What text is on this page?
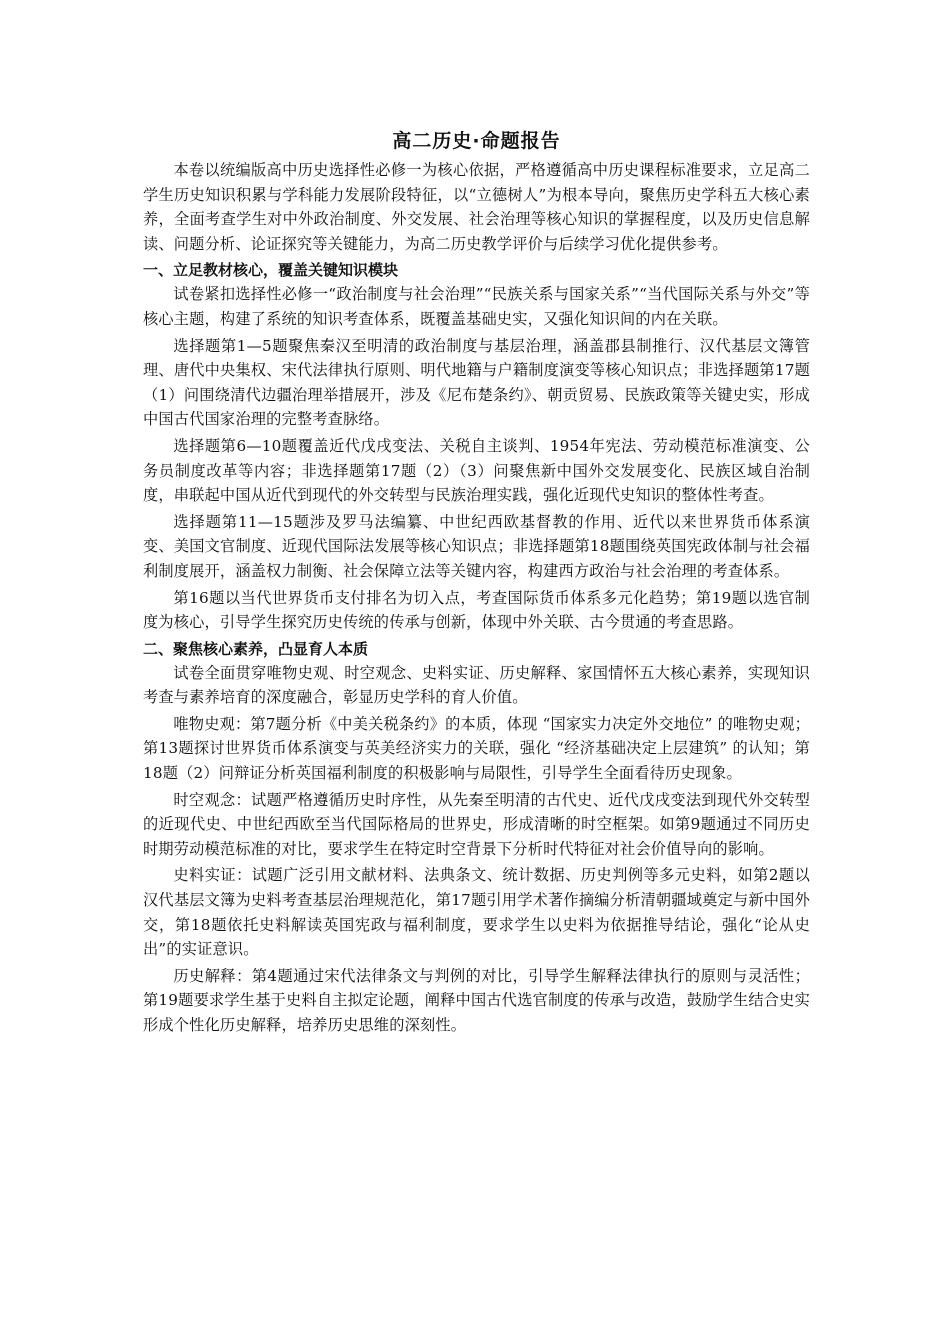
高二历史·命题报告

本卷以统编版高中历史选择性必修一为核心依据，严格遵循高中历史课程标准要求，立足高二学生历史知识积累与学科能力发展阶段特征，以“立德树人”为根本导向，聚焦历史学科五大核心素养，全面考查学生对中外政治制度、外交发展、社会治理等核心知识的掌握程度，以及历史信息解读、问题分析、论证探究等关键能力，为高二历史教学评价与后续学习优化提供参考。

一、立足教材核心，覆盖关键知识模块

试卷紧扣选择性必修一“政治制度与社会治理”“民族关系与国家关系”“当代国际关系与外交”等核心主题，构建了系统的知识考查体系，既覆盖基础史实，又强化知识间的内在关联。

选择题第1—5题聚焦秦汉至明清的政治制度与基层治理，涵盖郡县制推行、汉代基层文簿管理、唐代中央集权、宋代法律执行原则、明代地籍与户籍制度演变等核心知识点；非选择题第17题（1）问围绕清代边疆治理举措展开，涉及《尼布楚条约》、朝贡贸易、民族政策等关键史实，形成中国古代国家治理的完整考查脉络。

选择题第6—10题覆盖近代戊戌变法、关税自主谈判、1954年宪法、劳动模范标准演变、公务员制度改革等内容；非选择题第17题（2）（3）问聚焦新中国外交发展变化、民族区域自治制度，串联起中国从近代到现代的外交转型与民族治理实践，强化近现代史知识的整体性考查。

选择题第11—15题涉及罗马法编纂、中世纪西欧基督教的作用、近代以来世界货币体系演变、美国文官制度、近现代国际法发展等核心知识点；非选择题第18题围绕英国宪政体制与社会福利制度展开，涵盖权力制衡、社会保障立法等关键内容，构建西方政治与社会治理的考查体系。

第16题以当代世界货币支付排名为切入点，考查国际货币体系多元化趋势；第19题以选官制度为核心，引导学生探究历史传统的传承与创新，体现中外关联、古今贯通的考查思路。

二、聚焦核心素养，凸显育人本质

试卷全面贯穿唯物史观、时空观念、史料实证、历史解释、家国情怀五大核心素养，实现知识考查与素养培育的深度融合，彰显历史学科的育人价值。

唯物史观：第7题分析《中美关税条约》的本质，体现 “国家实力决定外交地位” 的唯物史观；第13题探讨世界货币体系演变与英美经济实力的关联，强化 “经济基础决定上层建筑” 的认知；第18题（2）问辩证分析英国福利制度的积极影响与局限性，引导学生全面看待历史现象。

时空观念：试题严格遵循历史时序性，从先秦至明清的古代史、近代戊戌变法到现代外交转型的近现代史、中世纪西欧至当代国际格局的世界史，形成清晰的时空框架。如第9题通过不同历史时期劳动模范标准的对比，要求学生在特定时空背景下分析时代特征对社会价值导向的影响。

史料实证：试题广泛引用文献材料、法典条文、统计数据、历史判例等多元史料，如第2题以汉代基层文簿为史料考查基层治理规范化，第17题引用学术著作摘编分析清朝疆域奠定与新中国外交，第18题依托史料解读英国宪政与福利制度，要求学生以史料为依据推导结论，强化“论从史出”的实证意识。

历史解释：第4题通过宋代法律条文与判例的对比，引导学生解释法律执行的原则与灵活性；第19题要求学生基于史料自主拟定论题，阐释中国古代选官制度的传承与改造，鼓励学生结合史实形成个性化历史解释，培养历史思维的深刻性。
